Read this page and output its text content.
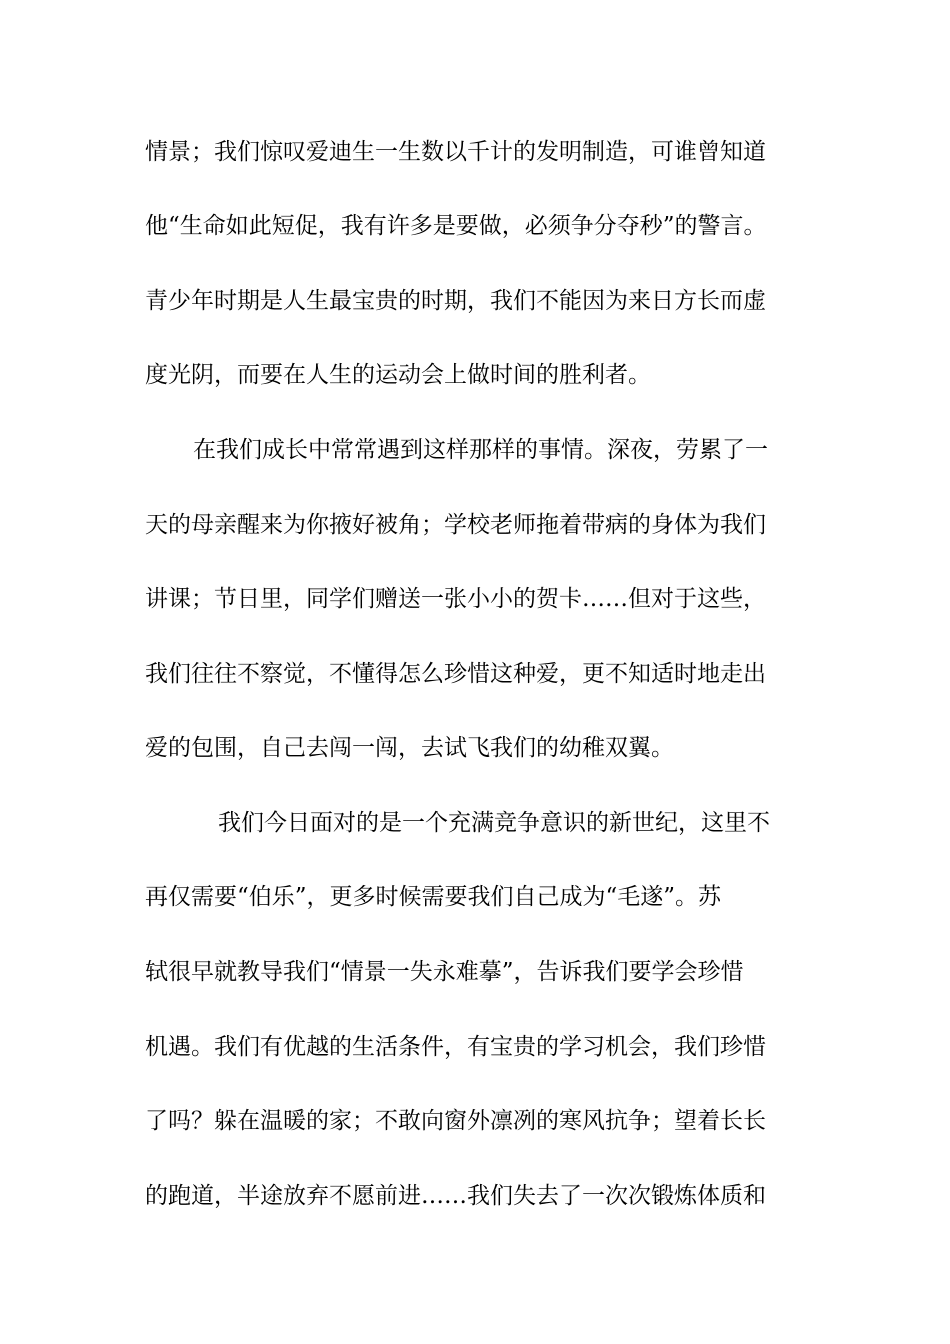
情景；我们惊叹爱迪生一生数以千计的发明制造，可谁曾知道
他“生命如此短促，我有许多是要做，必须争分夺秒”的警言。
青少年时期是人生最宝贵的时期，我们不能因为来日方长而虚
度光阴，而要在人生的运动会上做时间的胜利者。
在我们成长中常常遇到这样那样的事情。深夜，劳累了一
天的母亲醒来为你掖好被角；学校老师拖着带病的身体为我们
讲课；节日里，同学们赠送一张小小的贺卡……但对于这些，
我们往往不察觉，不懂得怎么珍惜这种爱，更不知适时地走出
爱的包围，自己去闯一闯，去试飞我们的幼稚双翼。
我们今日面对的是一个充满竞争意识的新世纪，这里不
再仅需要“伯乐”，更多时候需要我们自己成为“毛遂”。苏
轼很早就教导我们“情景一失永难摹”，告诉我们要学会珍惜
机遇。我们有优越的生活条件，有宝贵的学习机会，我们珍惜
了吗？躲在温暖的家；不敢向窗外凛冽的寒风抗争；望着长长
的跑道，半途放弃不愿前进……我们失去了一次次锻炼体质和
